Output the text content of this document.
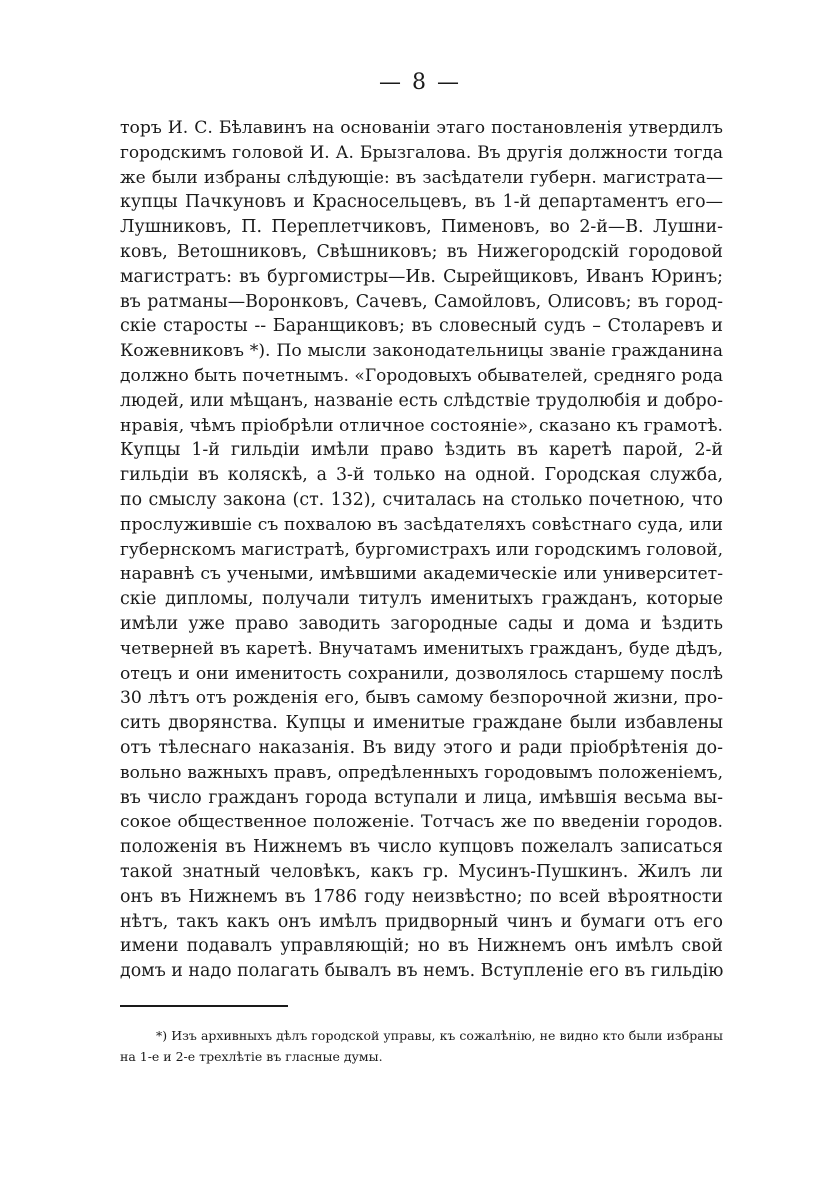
— 8 —
торъ И. С. Бѣлавинъ на основаніи этаго постановленія утвердилъ
городскимъ головой И. А. Брызгалова. Въ другія должности тогда
же были избраны слѣдующіе: въ засѣдатели губерн. магистрата—
купцы Пачкуновъ и Красносельцевъ, въ 1-й департаментъ его—
Лушниковъ, П. Переплетчиковъ, Пименовъ, во 2-й—В. Лушни-
ковъ, Ветошниковъ, Свѣшниковъ; въ Нижегородскій городовой
магистратъ: въ бургомистры—Ив. Сырейщиковъ, Иванъ Юринъ;
въ ратманы—Воронковъ, Сачевъ, Самойловъ, Олисовъ; въ город-
скіе старосты -- Баранщиковъ; въ словесный судъ – Столаревъ и
Кожевниковъ *). По мысли законодательницы званіе гражданина
должно быть почетнымъ. «Городовыхъ обывателей, средняго рода
людей, или мѣщанъ, названіе есть слѣдствіе трудолюбія и добро-
нравія, чѣмъ пріобрѣли отличное состояніе», сказано къ грамотѣ.
Купцы 1-й гильдіи имѣли право ѣздить въ каретѣ парой, 2-й
гильдіи въ коляскѣ, а 3-й только на одной. Городская служба,
по смыслу закона (ст. 132), считалась на столько почетною, что
прослужившіе съ похвалою въ засѣдателяхъ совѣстнаго суда, или
губернскомъ магистратѣ, бургомистрахъ или городскимъ головой,
наравнѣ съ учеными, имѣвшими академическіе или университет-
скіе дипломы, получали титулъ именитыхъ гражданъ, которые
имѣли уже право заводить загородные сады и дома и ѣздить
четверней въ каретѣ. Внучатамъ именитыхъ гражданъ, буде дѣдъ,
отецъ и они именитость сохранили, дозволялось старшему послѣ
30 лѣтъ отъ рожденія его, бывъ самому безпорочной жизни, про-
сить дворянства. Купцы и именитые граждане были избавлены
отъ тѣлеснаго наказанія. Въ виду этого и ради пріобрѣтенія до-
вольно важныхъ правъ, опредѣленныхъ городовымъ положеніемъ,
въ число гражданъ города вступали и лица, имѣвшія весьма вы-
сокое общественное положеніе. Тотчасъ же по введеніи городов.
положенія въ Нижнемъ въ число купцовъ пожелалъ записаться
такой знатный человѣкъ, какъ гр. Мусинъ-Пушкинъ. Жилъ ли
онъ въ Нижнемъ въ 1786 году неизвѣстно; по всей вѣроятности
нѣтъ, такъ какъ онъ имѣлъ придворный чинъ и бумаги отъ его
имени подавалъ управляющій; но въ Нижнемъ онъ имѣлъ свой
домъ и надо полагать бывалъ въ немъ. Вступленіе его въ гильдію
*) Изъ архивныхъ дѣлъ городской управы, къ сожалѣнію, не видно кто были избраны
на 1-е и 2-е трехлѣтіе въ гласные думы.
